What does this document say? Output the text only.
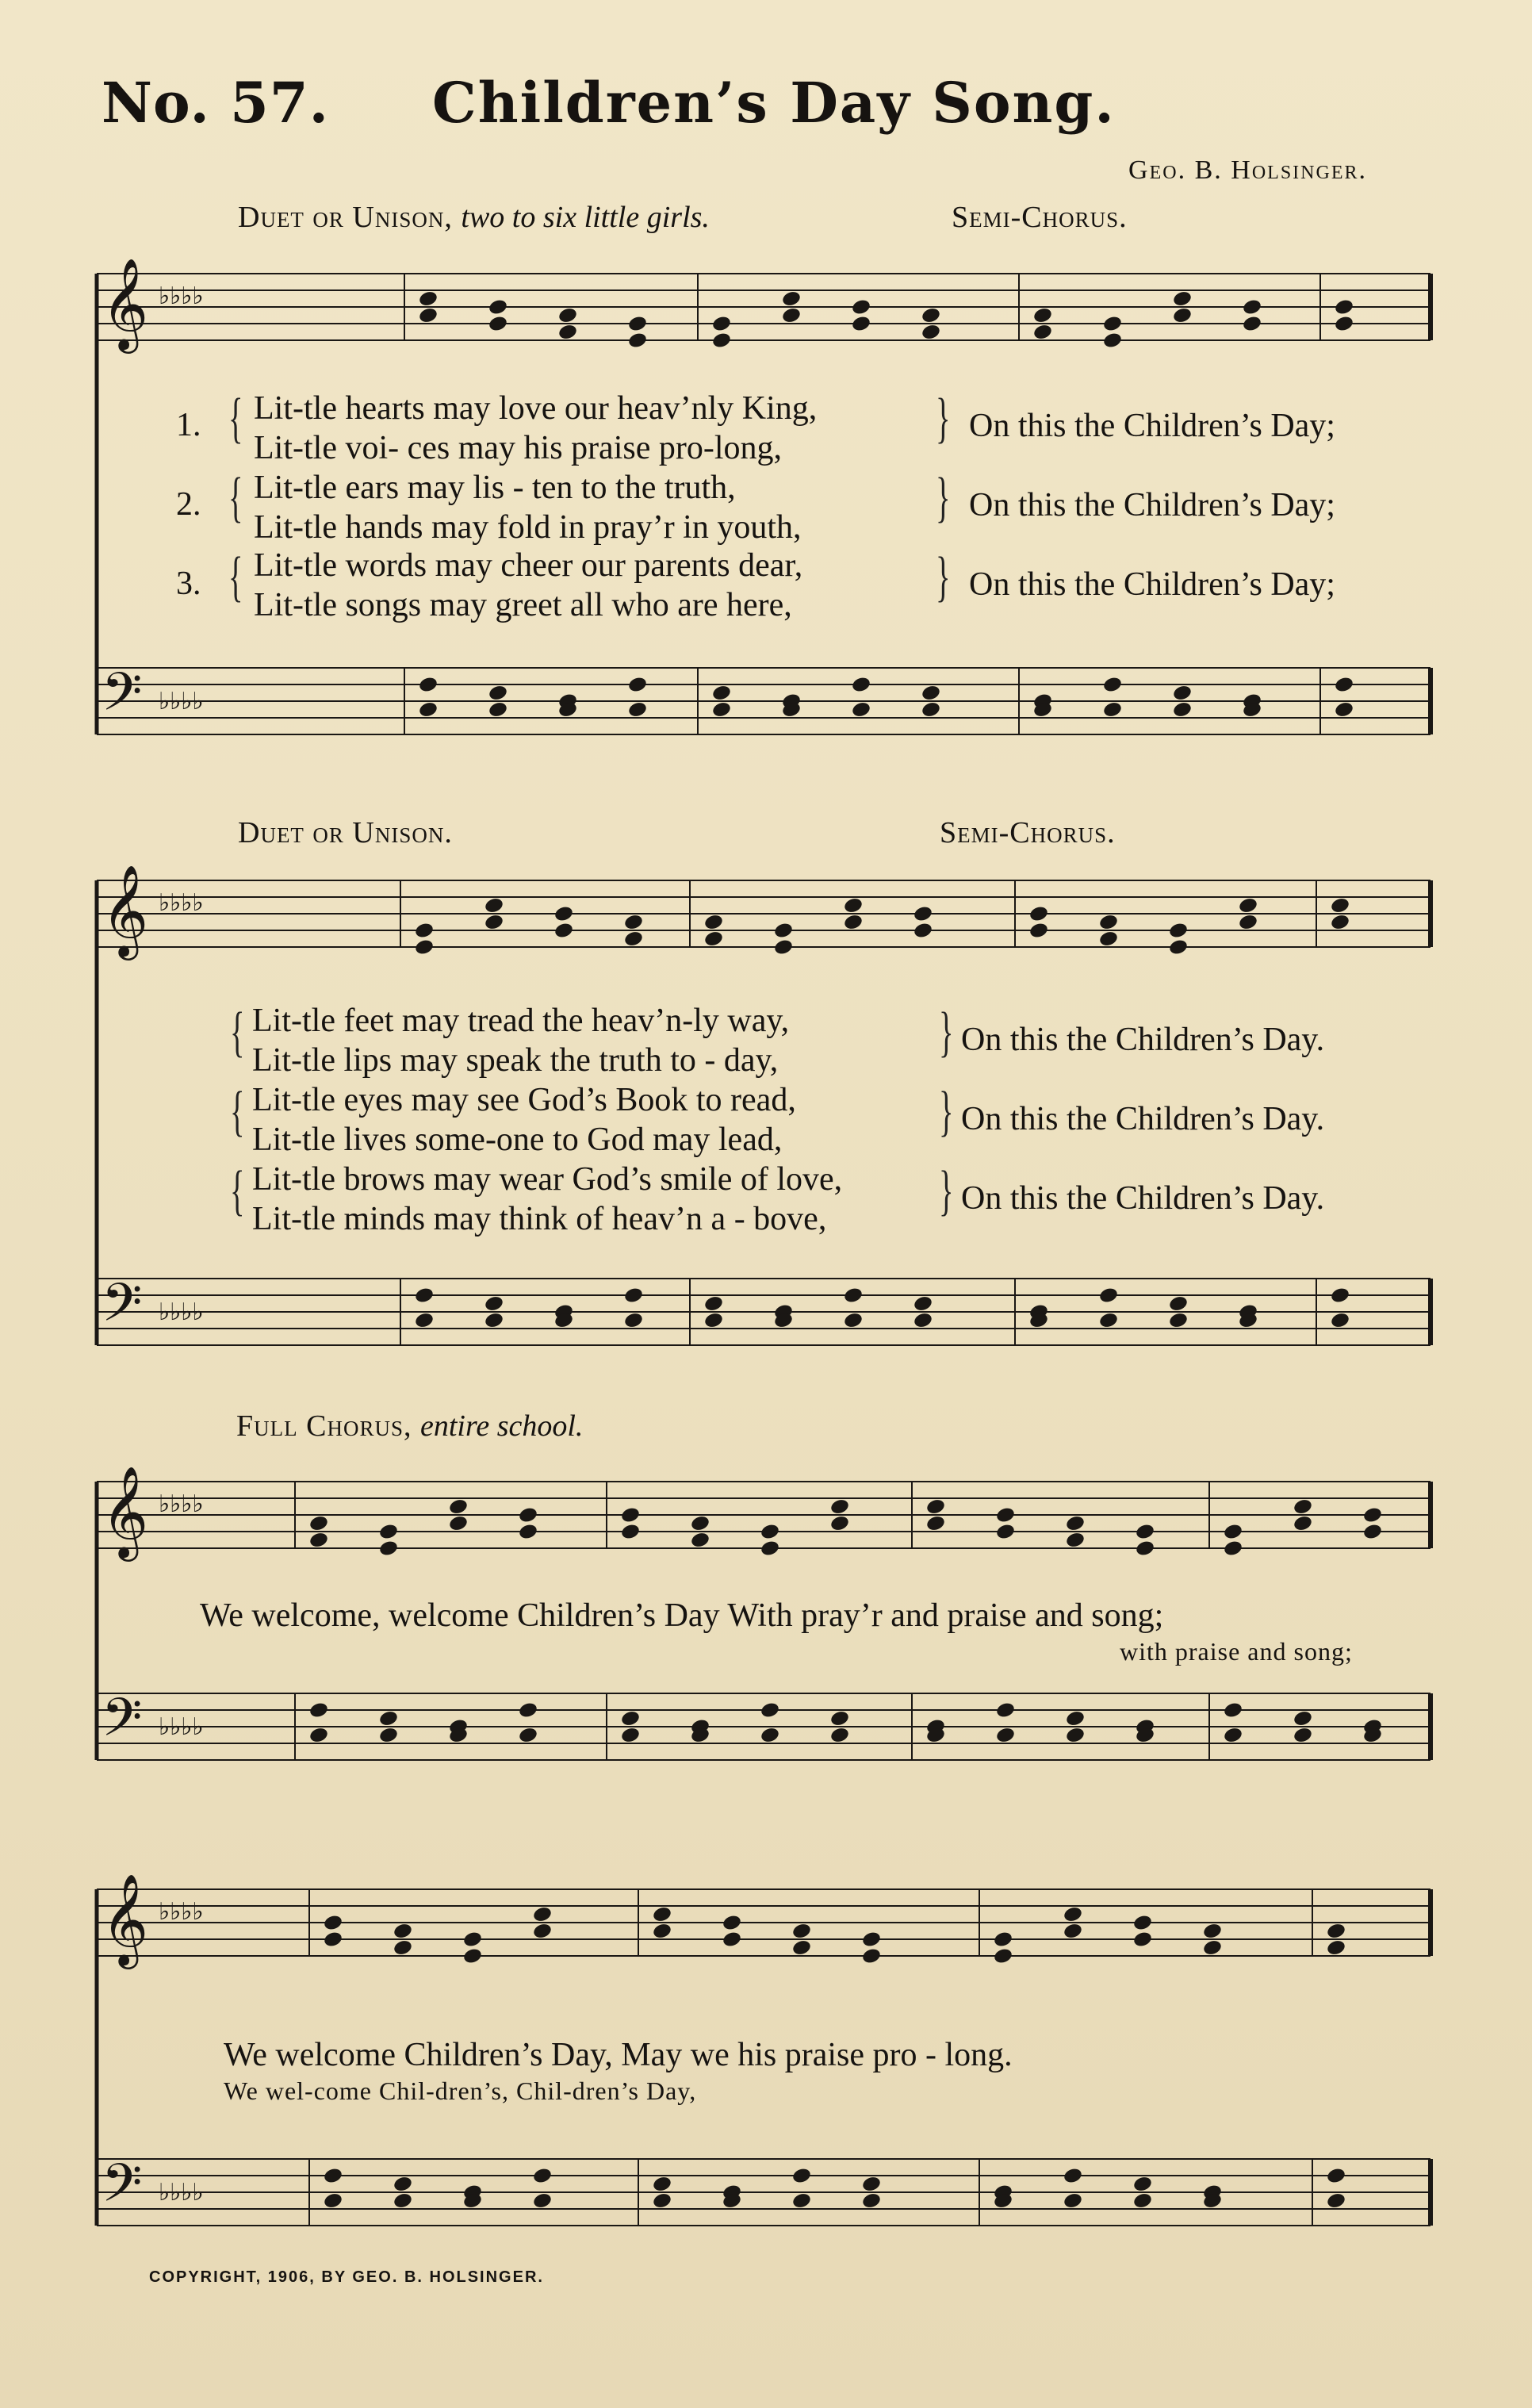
No. 57. Children’s Day Song.
Geo. B. Holsinger.
𝄞
𝄢
♭♭♭♭
♭♭♭♭
𝄞
𝄢
♭♭♭♭
♭♭♭♭
𝄞
𝄢
♭♭♭♭
♭♭♭♭
𝄞
𝄢
♭♭♭♭
♭♭♭♭
Duet or Unison, two to six little girls.	Semi-Chorus.
1. { Lit-tle hearts may love our heav’nly King,
Lit-tle voi- ces may his praise pro-long,	} On this the Children’s Day;
2. { Lit-tle ears may lis - ten to the truth,
Lit-tle hands may fold in pray’r in youth, } On this the Children’s Day;
3. { Lit-tle words may cheer our parents dear,
Lit-tle songs may greet all who are here,	} On this the Children’s Day;
Duet or Unison.	Semi-Chorus.
{ Lit-tle feet may tread the heav’n-ly way,
Lit-tle lips may speak the truth to - day,	} On this the Children’s Day.
{ Lit-tle eyes may see God’s Book to read,
Lit-tle lives some-one to God may lead,	} On this the Children’s Day.
{ Lit-tle brows may wear God’s smile of love,
Lit-tle minds may think of heav’n a - bove, } On this the Children’s Day.
Full Chorus, entire school.
We welcome, welcome Children’s Day With pray’r and praise and song;
with praise and song;
We welcome Children’s Day, May we his praise pro - long.
We wel-come Chil-dren’s, Chil-dren’s Day,
COPYRIGHT, 1906, BY GEO. B. HOLSINGER.
